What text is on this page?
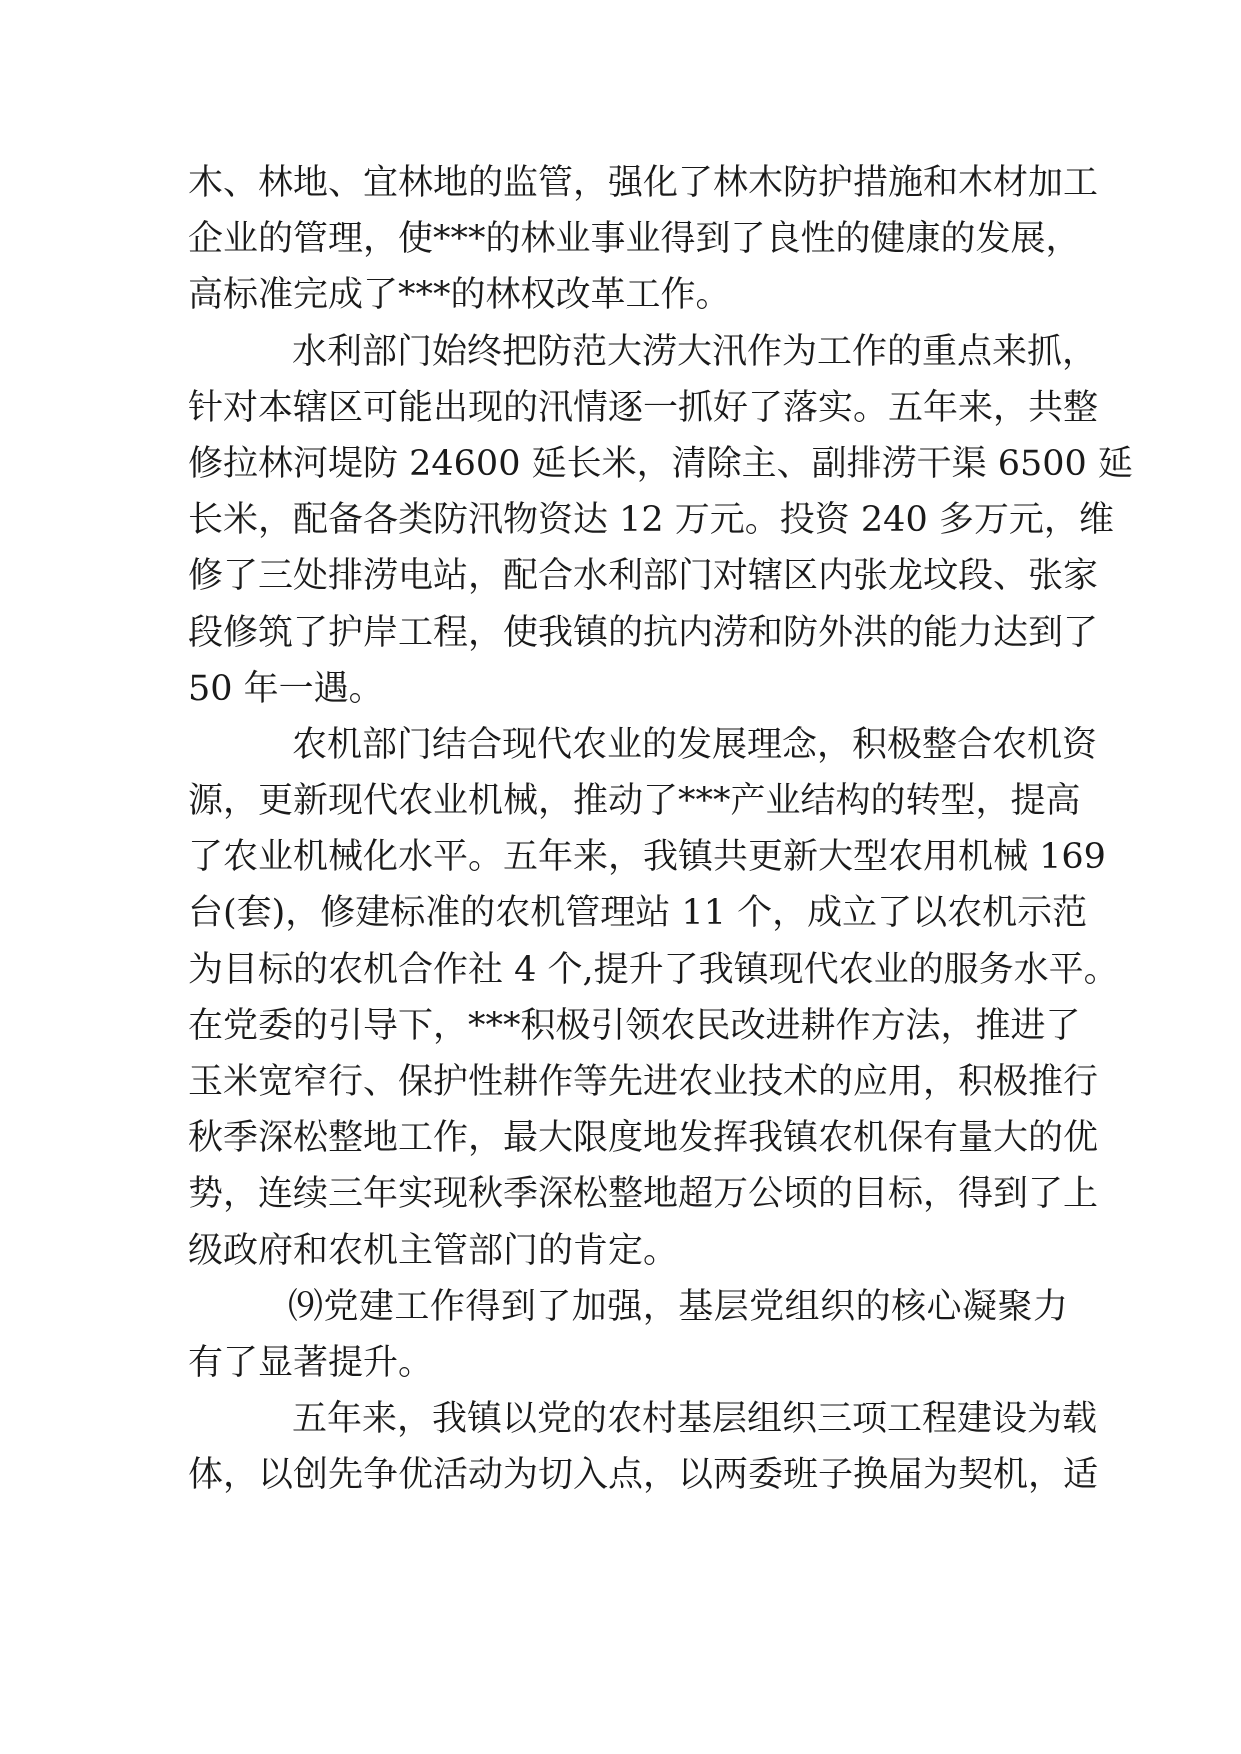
木、林地、宜林地的监管，强化了林木防护措施和木材加工
企业的管理，使***的林业事业得到了良性的健康的发展，
高标准完成了***的林权改革工作。
水利部门始终把防范大涝大汛作为工作的重点来抓，
针对本辖区可能出现的汛情逐一抓好了落实。五年来，共整
修拉林河堤防 24600 延长米，清除主、副排涝干渠 6500 延
长米，配备各类防汛物资达 12 万元。投资 240 多万元，维
修了三处排涝电站，配合水利部门对辖区内张龙坟段、张家
段修筑了护岸工程，使我镇的抗内涝和防外洪的能力达到了
50 年一遇。
农机部门结合现代农业的发展理念，积极整合农机资
源，更新现代农业机械，推动了***产业结构的转型，提高
了农业机械化水平。五年来，我镇共更新大型农用机械 169
台(套)，修建标准的农机管理站 11 个，成立了以农机示范
为目标的农机合作社 4 个,提升了我镇现代农业的服务水平。
在党委的引导下，***积极引领农民改进耕作方法，推进了
玉米宽窄行、保护性耕作等先进农业技术的应用，积极推行
秋季深松整地工作，最大限度地发挥我镇农机保有量大的优
势，连续三年实现秋季深松整地超万公顷的目标，得到了上
级政府和农机主管部门的肯定。
⑼党建工作得到了加强，基层党组织的核心凝聚力
有了显著提升。
五年来，我镇以党的农村基层组织三项工程建设为载
体，以创先争优活动为切入点，以两委班子换届为契机，适
